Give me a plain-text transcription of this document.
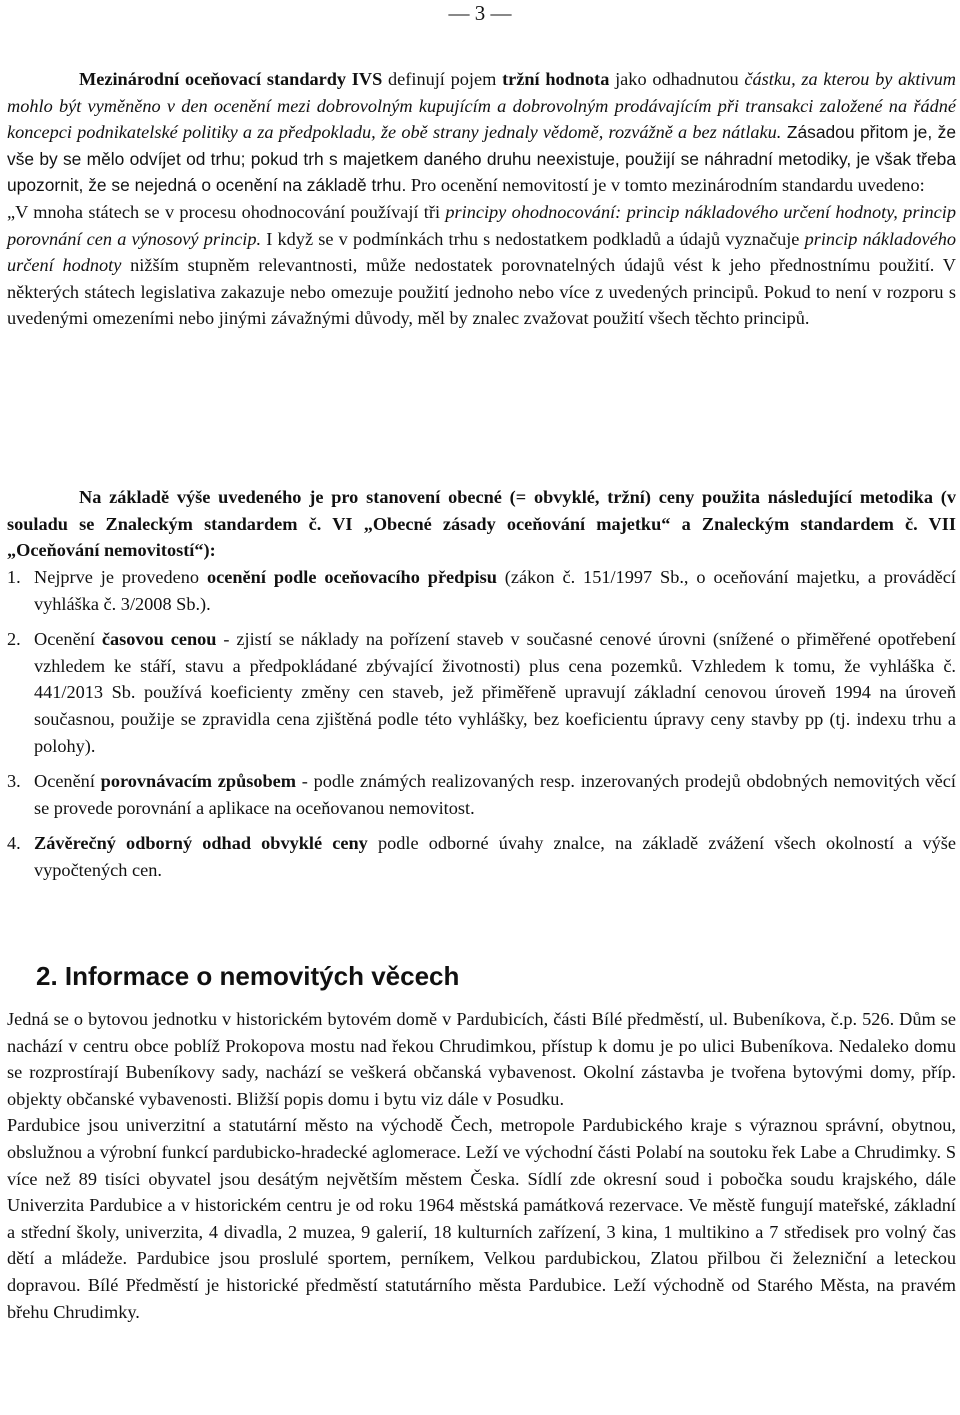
— 3 —

Mezinárodní oceňovací standardy IVS definují pojem tržní hodnota jako odhadnutou částku, za kterou by aktivum mohlo být vyměněno v den ocenění mezi dobrovolným kupujícím a dobrovolným prodávajícím při transakci založené na řádné koncepci podnikatelské politiky a za předpokladu, že obě strany jednaly vědomě, rozvážně a bez nátlaku. Zásadou přitom je, že vše by se mělo odvíjet od trhu; pokud trh s majetkem daného druhu neexistuje, použijí se náhradní metodiky, je však třeba upozornit, že se nejedná o ocenění na základě trhu. Pro ocenění nemovitostí je v tomto mezinárodním standardu uvedeno:
„V mnoha státech se v procesu ohodnocování používají tři principy ohodnocování: princip nákladového určení hodnoty, princip porovnání cen a výnosový princip. I když se v podmínkách trhu s nedostatkem podkladů a údajů vyznačuje princip nákladového určení hodnoty nižším stupněm relevantnosti, může nedostatek porovnatelných údajů vést k jeho přednostnímu použití. V některých státech legislativa zakazuje nebo omezuje použití jednoho nebo více z uvedených principů. Pokud to není v rozporu s uvedenými omezeními nebo jinými závažnými důvody, měl by znalec zvažovat použití všech těchto principů.

Na základě výše uvedeného je pro stanovení obecné (= obvyklé, tržní) ceny použita následující metodika (v souladu se Znaleckým standardem č. VI „Obecné zásady oceňování majetku“ a Znaleckým standardem č. VII „Oceňování nemovitostí“):

1. Nejprve je provedeno ocenění podle oceňovacího předpisu (zákon č. 151/1997 Sb., o oceňování majetku, a prováděcí vyhláška č. 3/2008 Sb.).
2. Ocenění časovou cenou - zjistí se náklady na pořízení staveb v současné cenové úrovni (snížené o přiměřené opotřebení vzhledem ke stáří, stavu a předpokládané zbývající životnosti) plus cena pozemků. Vzhledem k tomu, že vyhláška č. 441/2013 Sb. používá koeficienty změny cen staveb, jež přiměřeně upravují základní cenovou úroveň 1994 na úroveň současnou, použije se zpravidla cena zjištěná podle této vyhlášky, bez koeficientu úpravy ceny stavby pp (tj. indexu trhu a polohy).
3. Ocenění porovnávacím způsobem - podle známých realizovaných resp. inzerovaných prodejů obdobných nemovitých věcí se provede porovnání a aplikace na oceňovanou nemovitost.
4. Závěrečný odborný odhad obvyklé ceny podle odborné úvahy znalce, na základě zvážení všech okolností a výše vypočtených cen.
2. Informace o nemovitých věcech

Jedná se o bytovou jednotku v historickém bytovém domě v Pardubicích, části Bílé předměstí, ul. Bubeníkova, č.p. 526. Dům se nachází v centru obce poblíž Prokopova mostu nad řekou Chrudimkou, přístup k domu je po ulici Bubeníkova. Nedaleko domu se rozprostírají Bubeníkovy sady, nachází se veškerá občanská vybavenost. Okolní zástavba je tvořena bytovými domy, příp. objekty občanské vybavenosti. Bližší popis domu i bytu viz dále v Posudku.

Pardubice jsou univerzitní a statutární město na východě Čech, metropole Pardubického kraje s výraznou správní, obytnou, obslužnou a výrobní funkcí pardubicko-hradecké aglomerace. Leží ve východní části Polabí na soutoku řek Labe a Chrudimky. S více než 89 tisíci obyvatel jsou desátým největším městem Česka. Sídlí zde okresní soud i pobočka soudu krajského, dále Univerzita Pardubice a v historickém centru je od roku 1964 městská památková rezervace. Ve městě fungují mateřské, základní a střední školy, univerzita, 4 divadla, 2 muzea, 9 galerií, 18 kulturních zařízení, 3 kina, 1 multikino a 7 středisek pro volný čas dětí a mládeže. Pardubice jsou proslulé sportem, perníkem, Velkou pardubickou, Zlatou přilbou či železniční a leteckou dopravou. Bílé Předměstí je historické předměstí statutárního města Pardubice. Leží východně od Starého Města, na pravém břehu Chrudimky.
